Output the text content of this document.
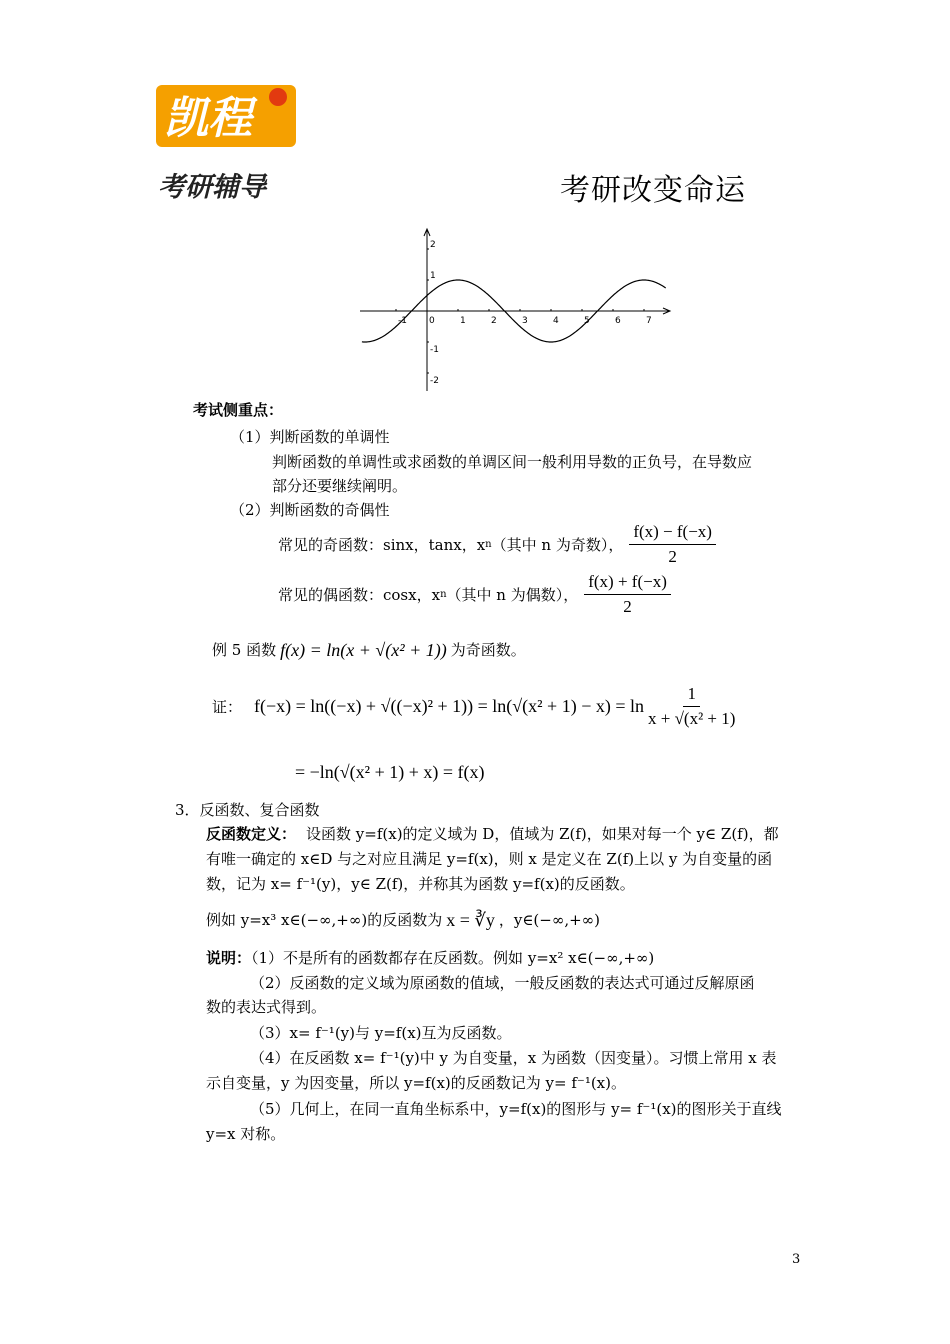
凯程
考研辅导	考研改变命运
-1 0	1	2	3	4	5	6	7
2
1
-1
-2
考试侧重点：
（1）判断函数的单调性
判断函数的单调性或求函数的单调区间一般利用导数的正负号，在导数应
部分还要继续阐明。
（2）判断函数的奇偶性
常见的奇函数：sinx，tanx，x n （其中 n 为奇数）， $\frac{f(x) - f(-x)}{2}$
常见的偶函数：cosx，x n （其中 n 为偶数）， $\frac{f(x) + f(-x)}{2}$
例 5 函数 f(x) = ln(x + √(x² + 1)) 为奇函数。
证： $f(-x) = \ln((-x) + √((-x)^2 + 1)) = \ln(√(x^2 + 1) - x) = \ln \frac{1}{\text{x + √(x² + 1)}}$
= −ln(√(x² + 1) + x) = f(x)
3．反函数、复合函数
反函数定义： 设函数 y=f(x)的定义域为 D，值域为 Z(f)，如果对每一个 y∈ Z(f)，都
有唯一确定的 x∈D 与之对应且满足 y=f(x)，则 x 是定义在 Z(f)上以 y 为自变量的函
数，记为 x= f⁻¹(y)，y∈ Z(f)，并称其为函数 y=f(x)的反函数。
例如 y=x³ x∈(−∞,+∞)的反函数为 x = ∛y ，y∈(−∞,+∞)
说明：（1）不是所有的函数都存在反函数。例如 y=x² x∈(−∞,+∞)
（2）反函数的定义域为原函数的值域，一般反函数的表达式可通过反解原函
数的表达式得到。
（3）x= f⁻¹(y)与 y=f(x)互为反函数。
（4）在反函数 x= f⁻¹(y)中 y 为自变量，x 为函数（因变量）。习惯上常用 x 表
示自变量，y 为因变量，所以 y=f(x)的反函数记为 y= f⁻¹(x)。
（5）几何上，在同一直角坐标系中，y=f(x)的图形与 y= f⁻¹(x)的图形关于直线
y=x 对称。
3
